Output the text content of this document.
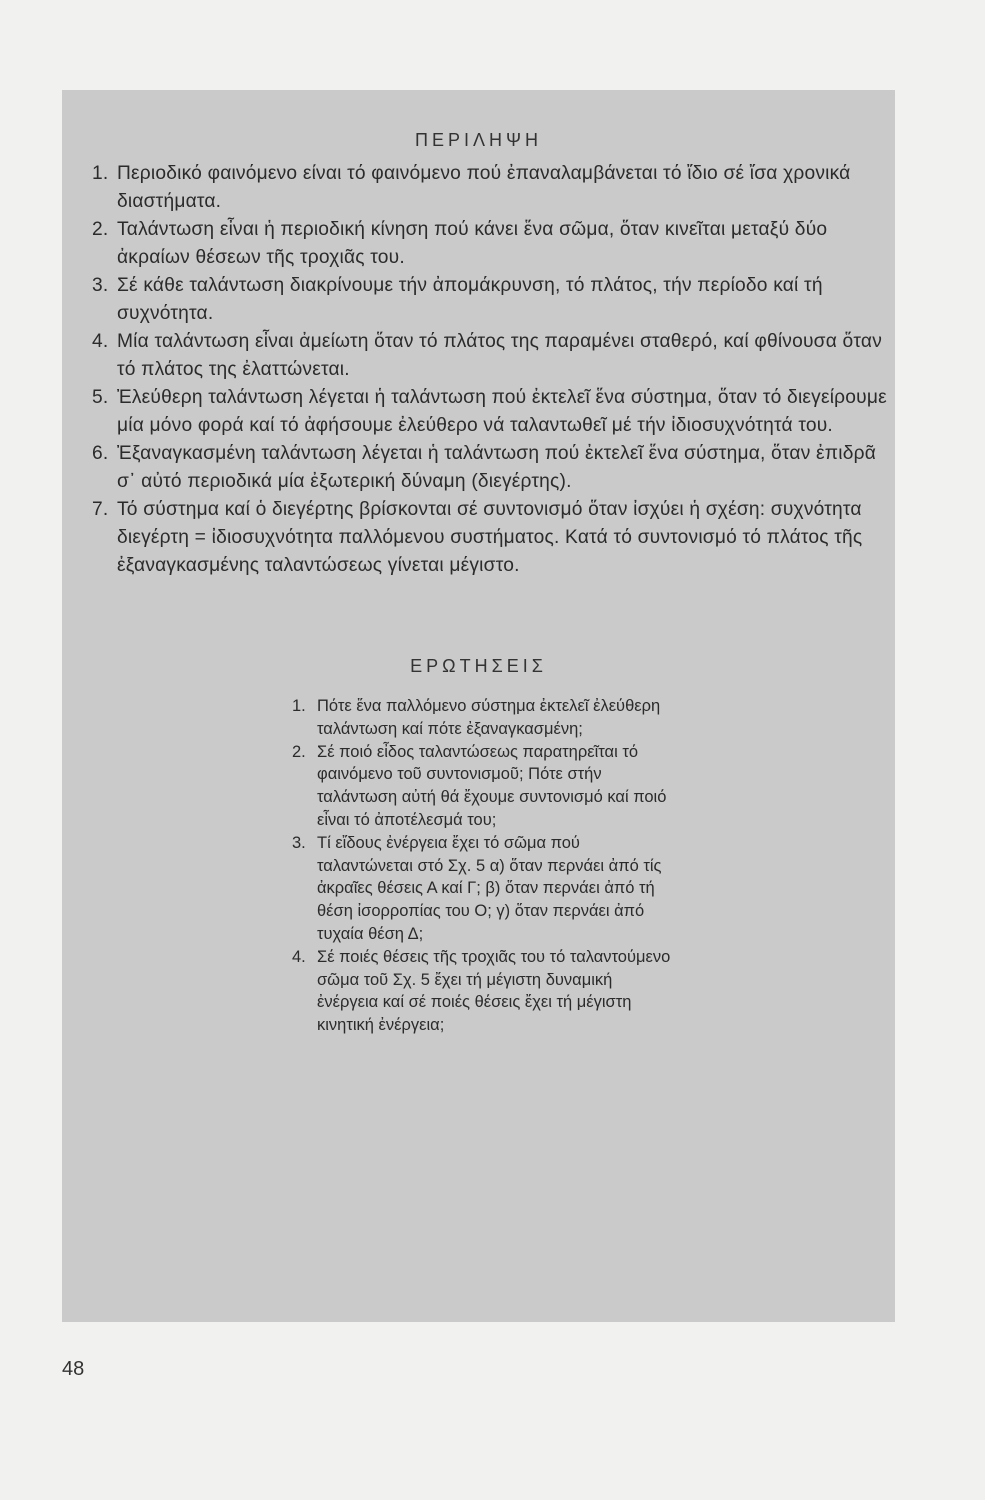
ΠΕΡΙΛΗΨΗ
1. Περιοδικό φαινόμενο είναι τό φαινόμενο πού ἐπαναλαμβάνεται τό ἴδιο σέ ἴσα χρονικά διαστήματα.
2. Ταλάντωση εἶναι ἡ περιοδική κίνηση πού κάνει ἕνα σῶμα, ὅταν κινεῖται μεταξύ δύο ἀκραίων θέσεων τῆς τροχιᾶς του.
3. Σέ κάθε ταλάντωση διακρίνουμε τήν ἀπομάκρυνση, τό πλάτος, τήν περίοδο καί τή συχνότητα.
4. Μία ταλάντωση εἶναι ἀμείωτη ὅταν τό πλάτος της παραμένει σταθερό, καί φθίνουσα ὅταν τό πλάτος της ἐλαττώνεται.
5. Ἐλεύθερη ταλάντωση λέγεται ἡ ταλάντωση πού ἐκτελεῖ ἕνα σύστημα, ὅταν τό διεγείρουμε μία μόνο φορά καί τό ἀφήσουμε ἐλεύθερο νά ταλαντωθεῖ μέ τήν ἰδιοσυχνότητά του.
6. Ἐξαναγκασμένη ταλάντωση λέγεται ἡ ταλάντωση πού ἐκτελεῖ ἕνα σύστημα, ὅταν ἐπιδρᾶ σ᾿ αὐτό περιοδικά μία ἐξωτερική δύναμη (διεγέρτης).
7. Τό σύστημα καί ὁ διεγέρτης βρίσκονται σέ συντονισμό ὅταν ἰσχύει ἡ σχέση: συχνότητα διεγέρτη = ἰδιοσυχνότητα παλλόμενου συστήματος. Κατά τό συντονισμό τό πλάτος τῆς ἐξαναγκασμένης ταλαντώσεως γίνεται μέγιστο.
ΕΡΩΤΗΣΕΙΣ
1. Πότε ἕνα παλλόμενο σύστημα ἐκτελεῖ ἐλεύθερη ταλάντωση καί πότε ἐξαναγκασμένη;
2. Σέ ποιό εἶδος ταλαντώσεως παρατηρεῖται τό φαινόμενο τοῦ συντονισμοῦ; Πότε στήν ταλάντωση αὐτή θά ἔχουμε συντονισμό καί ποιό εἶναι τό ἀποτέλεσμά του;
3. Τί εἴδους ἐνέργεια ἔχει τό σῶμα πού ταλαντώνεται στό Σχ. 5 α) ὅταν περνάει ἀπό τίς ἀκραῖες θέσεις Α καί Γ; β) ὅταν περνάει ἀπό τή θέση ἰσορροπίας του Ο; γ) ὅταν περνάει ἀπό τυχαία θέση Δ;
4. Σέ ποιές θέσεις τῆς τροχιᾶς του τό ταλαντούμενο σῶμα τοῦ Σχ. 5 ἔχει τή μέγιστη δυναμική ἐνέργεια καί σέ ποιές θέσεις ἔχει τή μέγιστη κινητική ἐνέργεια;
48
